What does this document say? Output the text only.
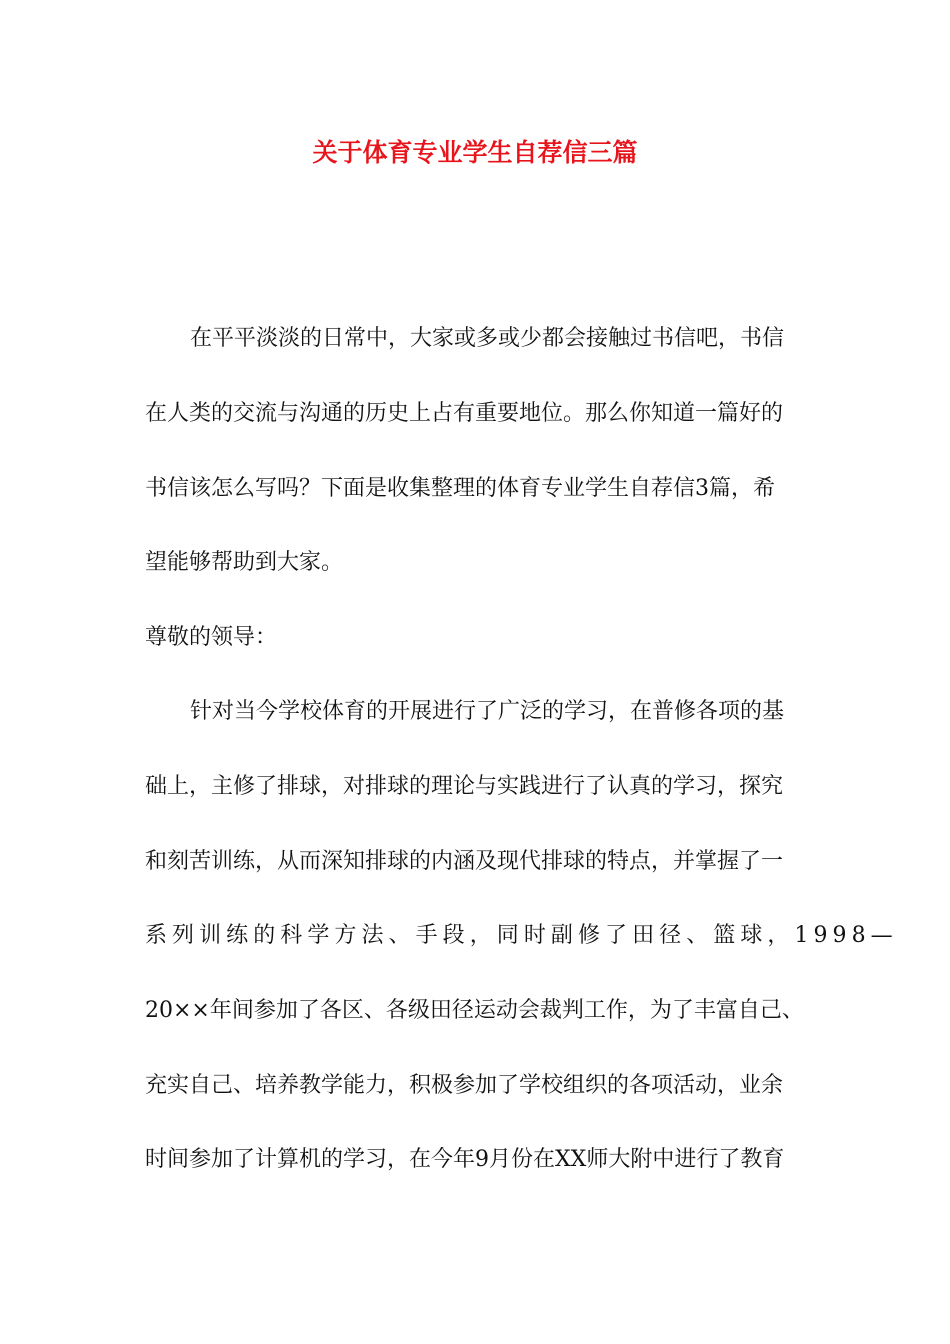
关于体育专业学生自荐信三篇
在平平淡淡的日常中，大家或多或少都会接触过书信吧，书信
在人类的交流与沟通的历史上占有重要地位。那么你知道一篇好的
书信该怎么写吗？下面是收集整理的体育专业学生自荐信3篇，希
望能够帮助到大家。
尊敬的领导：
针对当今学校体育的开展进行了广泛的学习，在普修各项的基
础上，主修了排球，对排球的理论与实践进行了认真的学习，探究
和刻苦训练，从而深知排球的内涵及现代排球的特点，并掌握了一
系列训练的科学方法、手段，同时副修了田径、篮球，1998—
20××年间参加了各区、各级田径运动会裁判工作，为了丰富自己、
充实自己、培养教学能力，积极参加了学校组织的各项活动，业余
时间参加了计算机的学习，在今年9月份在XX师大附中进行了教育
